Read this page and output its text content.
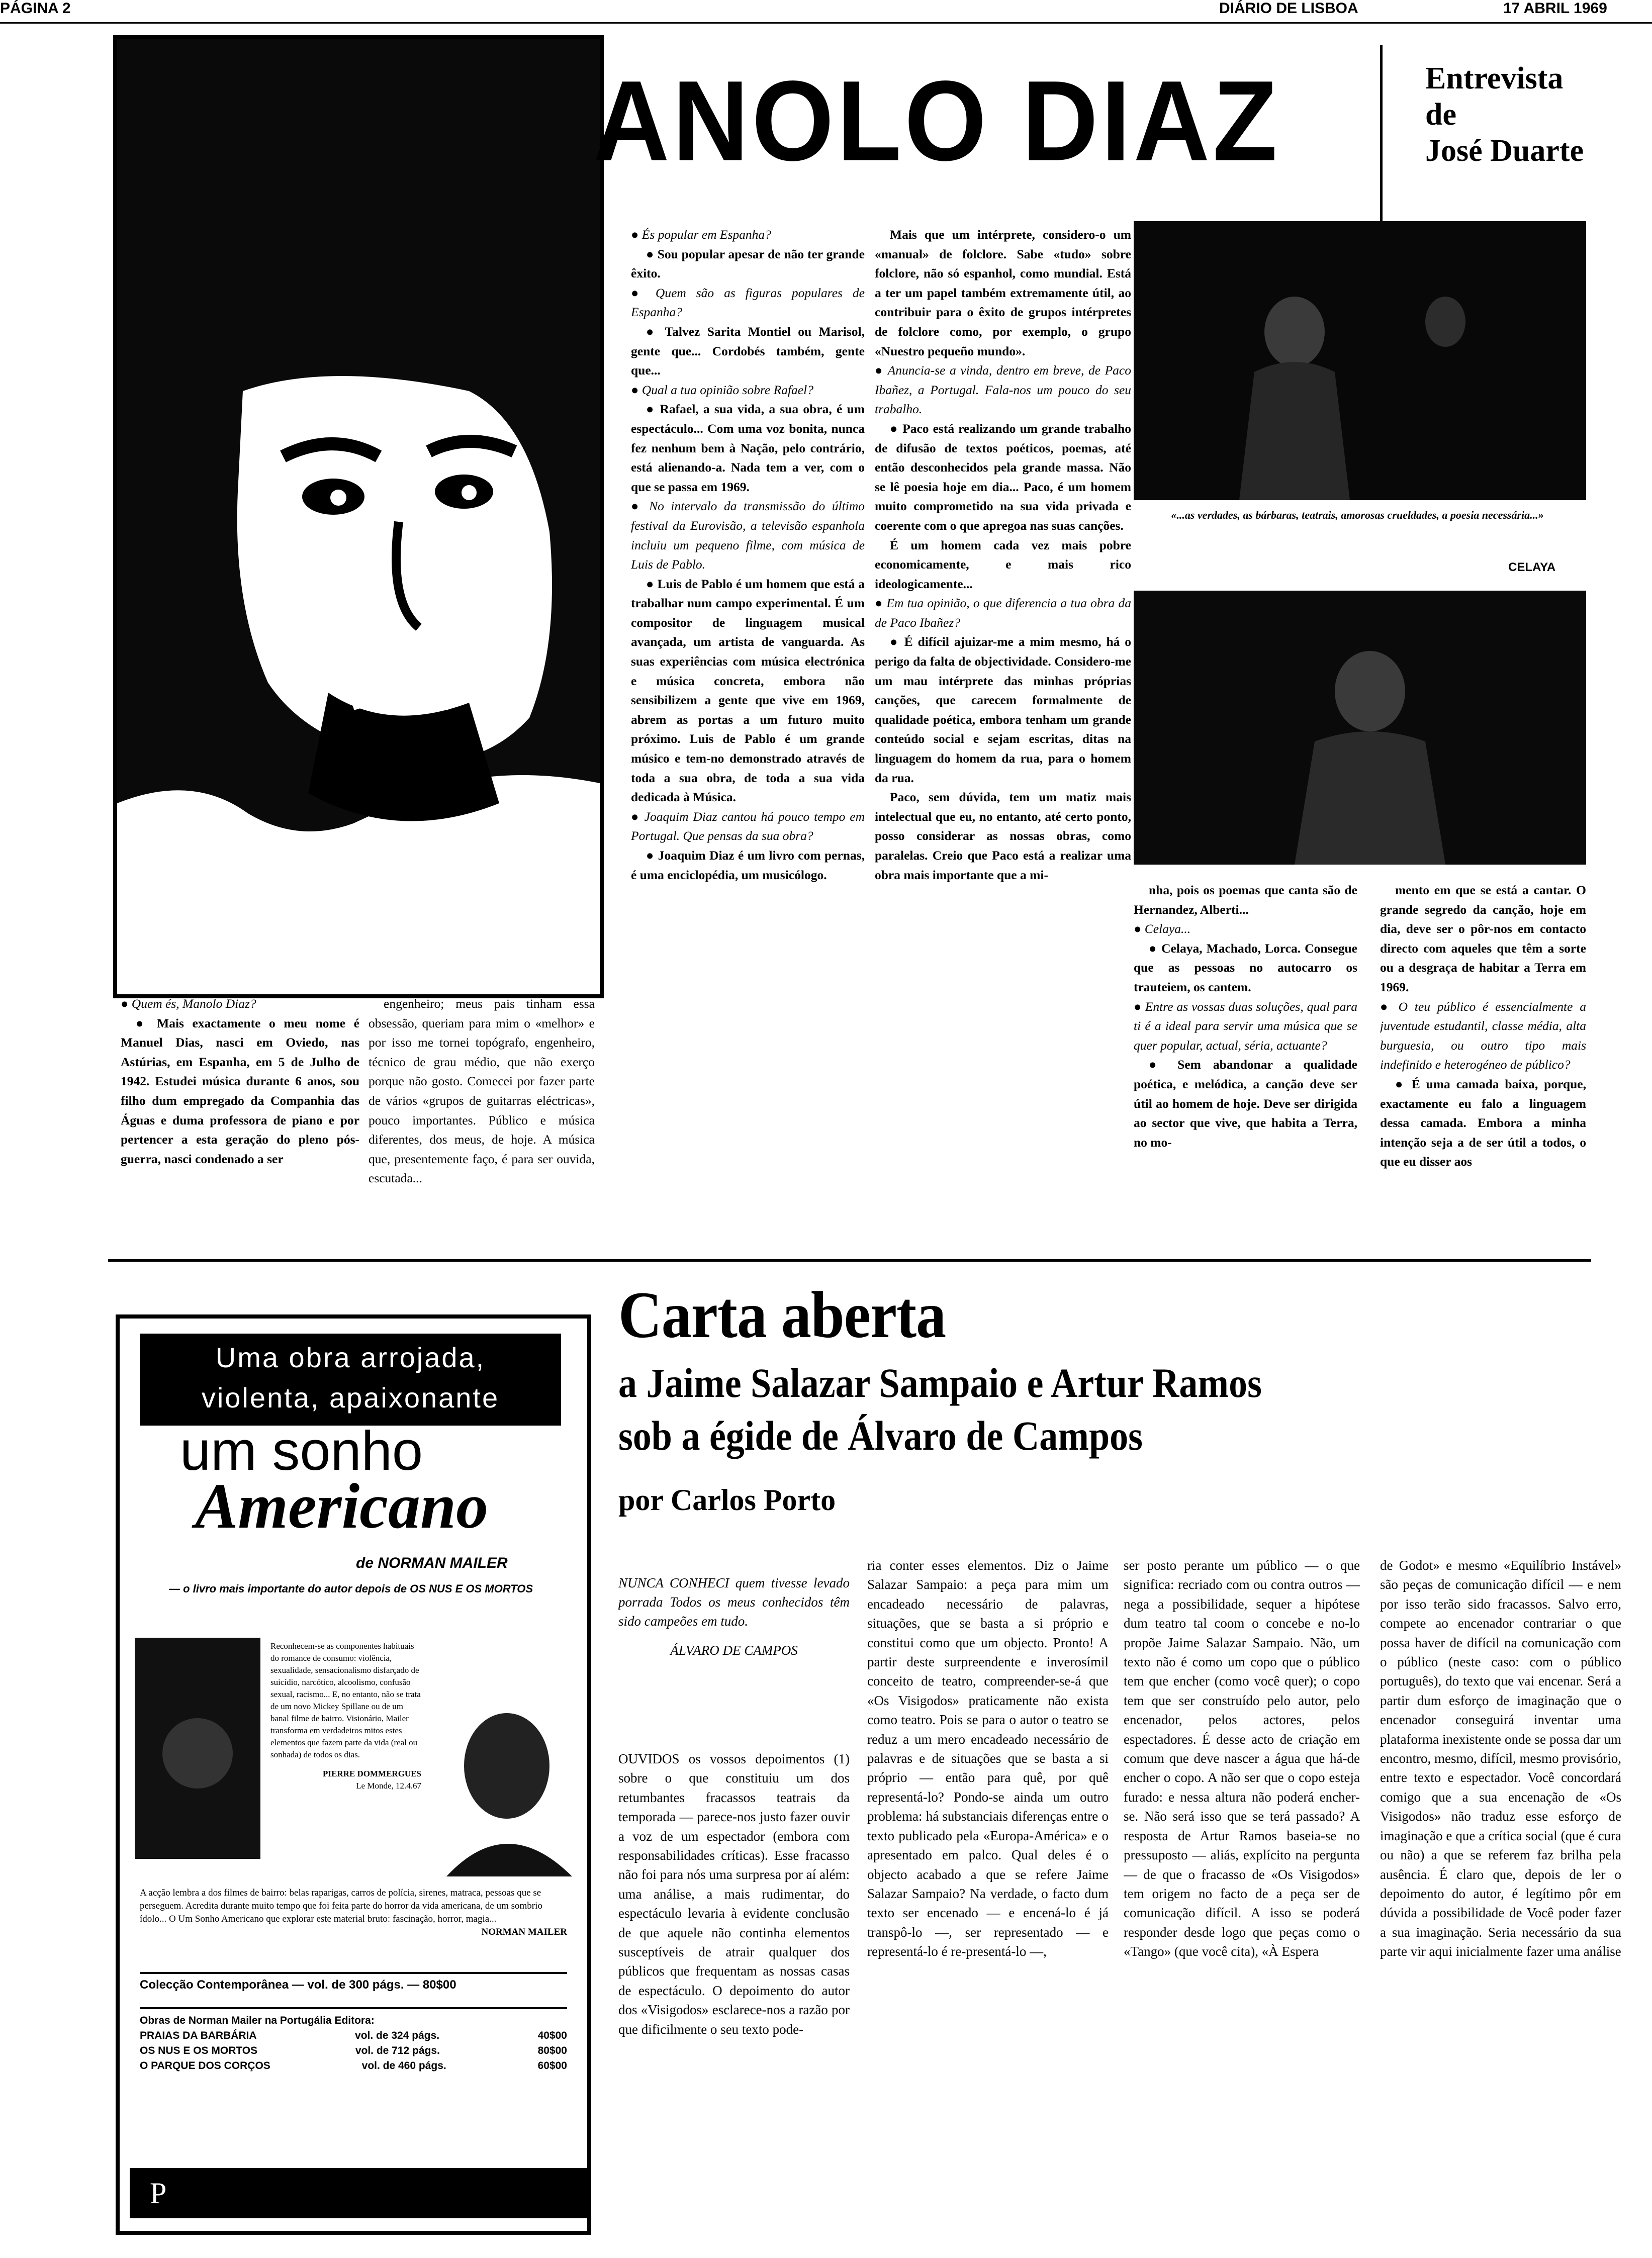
PÁGINA 2	DIÁRIO DE LISBOA	17 ABRIL 1969
ANOLO DIAZ	Entrevista
de
José Duarte

● Quem és, Manolo Diaz?

● Mais exactamente o meu nome é Manuel Dias, nasci em Oviedo, nas Astúrias, em Espanha, em 5 de Julho de 1942. Estudei música durante 6 anos, sou filho dum empregado da Companhia das Águas e duma professora de piano e por pertencer a esta geração do pleno pós-guerra, nasci condenado a ser

engenheiro; meus pais tinham essa obsessão, queriam para mim o «melhor» e por isso me tornei topógrafo, engenheiro, técnico de grau médio, que não exerço porque não gosto. Comecei por fazer parte de vários «grupos de guitarras eléctricas», pouco importantes. Público e música diferentes, dos meus, de hoje. A música que, presentemente faço, é para ser ouvida, escutada...

● És popular em Espanha?

● Sou popular apesar de não ter grande êxito.

● Quem são as figuras populares de Espanha?

● Talvez Sarita Montiel ou Marisol, gente que... Cordobés também, gente que...

● Qual a tua opinião sobre Rafael?

● Rafael, a sua vida, a sua obra, é um espectáculo... Com uma voz bonita, nunca fez nenhum bem à Nação, pelo contrário, está alienando-a. Nada tem a ver, com o que se passa em 1969.

● No intervalo da transmissão do último festival da Eurovisão, a televisão espanhola incluiu um pequeno filme, com música de Luis de Pablo.

● Luis de Pablo é um homem que está a trabalhar num campo experimental. É um compositor de linguagem musical avançada, um artista de vanguarda. As suas experiências com música electrónica e música concreta, embora não sensibilizem a gente que vive em 1969, abrem as portas a um futuro muito próximo. Luis de Pablo é um grande músico e tem-no demonstrado através de toda a sua obra, de toda a sua vida dedicada à Música.

● Joaquim Diaz cantou há pouco tempo em Portugal. Que pensas da sua obra?

● Joaquim Diaz é um livro com pernas, é uma enciclopédia, um musicólogo.

Mais que um intérprete, considero-o um «manual» de folclore. Sabe «tudo» sobre folclore, não só espanhol, como mundial. Está a ter um papel também extremamente útil, ao contribuir para o êxito de grupos intérpretes de folclore como, por exemplo, o grupo «Nuestro pequeño mundo».

● Anuncia-se a vinda, dentro em breve, de Paco Ibañez, a Portugal. Fala-nos um pouco do seu trabalho.

● Paco está realizando um grande trabalho de difusão de textos poéticos, poemas, até então desconhecidos pela grande massa. Não se lê poesia hoje em dia... Paco, é um homem muito comprometido na sua vida privada e coerente com o que apregoa nas suas canções.

É um homem cada vez mais pobre economicamente, e mais rico ideologicamente...

● Em tua opinião, o que diferencia a tua obra da de Paco Ibañez?

● É difícil ajuizar-me a mim mesmo, há o perigo da falta de objectividade. Considero-me um mau intérprete das minhas próprias canções, que carecem formalmente de qualidade poética, embora tenham um grande conteúdo social e sejam escritas, ditas na linguagem do homem da rua, para o homem da rua.

Paco, sem dúvida, tem um matiz mais intelectual que eu, no entanto, até certo ponto, posso considerar as nossas obras, como paralelas. Creio que Paco está a realizar uma obra mais importante que a mi-

«...as verdades, as bárbaras, teatrais, amorosas crueldades, a poesia necessária...»
CELAYA

nha, pois os poemas que canta são de Hernandez, Alberti...

● Celaya...

● Celaya, Machado, Lorca. Consegue que as pessoas no autocarro os trauteiem, os cantem.

● Entre as vossas duas soluções, qual para ti é a ideal para servir uma música que se quer popular, actual, séria, actuante?

● Sem abandonar a qualidade poética, e melódica, a canção deve ser útil ao homem de hoje. Deve ser dirigida ao sector que vive, que habita a Terra, no mo-

mento em que se está a cantar. O grande segredo da canção, hoje em dia, deve ser o pôr-nos em contacto directo com aqueles que têm a sorte ou a desgraça de habitar a Terra em 1969.

● O teu público é essencialmente a juventude estudantil, classe média, alta burguesia, ou outro tipo mais indefinido e heterogéneo de público?

● É uma camada baixa, porque, exactamente eu falo a linguagem dessa camada. Embora a minha intenção seja a de ser útil a todos, o que eu disser aos

Uma obra arrojada,
violenta, apaixonante
um sonho
Americano
de NORMAN MAILER
— o livro mais importante do autor depois de OS NUS E OS MORTOS
Reconhecem-se as componentes habituais do romance de consumo: violência, sexualidade, sensacionalismo disfarçado de suicídio, narcótico, alcoolismo, confusão sexual, racismo... E, no entanto, não se trata de um novo Mickey Spillane ou de um banal filme de bairro. Visionário, Mailer transforma em verdadeiros mitos estes elementos que fazem parte da vida (real ou sonhada) de todos os dias.
PIERRE DOMMERGUES
Le Monde, 12.4.67
A acção lembra a dos filmes de bairro: belas raparigas, carros de polícia, sirenes, matraca, pessoas que se perseguem. Acredita durante muito tempo que foi feita parte do horror da vida americana, de um sombrio ídolo... O Um Sonho Americano que explorar este material bruto: fascinação, horror, magia...
NORMAN MAILER
Colecção Contemporânea — vol. de 300 págs. — 80$00
Obras de Norman Mailer na Portugália Editora:
PRAIAS DA BARBÁRIA	vol. de 324 págs.	40$00
OS NUS E OS MORTOS	vol. de 712 págs.	80$00
O PARQUE DOS CORÇOS	vol. de 460 págs.	60$00
P
Carta aberta
a Jaime Salazar Sampaio e Artur Ramos
sob a égide de Álvaro de Campos
por Carlos Porto

NUNCA CONHECI quem tivesse levado porrada Todos os meus conhecidos têm sido campeões em tudo.

ÁLVARO DE CAMPOS

OUVIDOS os vossos depoimentos (1) sobre o que constituiu um dos retumbantes fracassos teatrais da temporada — parece-nos justo fazer ouvir a voz de um espectador (embora com responsabilidades críticas). Esse fracasso não foi para nós uma surpresa por aí além: uma análise, a mais rudimentar, do espectáculo levaria à evidente conclusão de que aquele não continha elementos susceptíveis de atrair qualquer dos públicos que frequentam as nossas casas de espectáculo. O depoimento do autor dos «Visigodos» esclarece-nos a razão por que dificilmente o seu texto pode-

ria conter esses elementos. Diz o Jaime Salazar Sampaio: a peça para mim um encadeado necessário de palavras, situações, que se basta a si próprio e constitui como que um objecto. Pronto! A partir deste surpreendente e inverosímil conceito de teatro, compreender-se-á que «Os Visigodos» praticamente não exista como teatro. Pois se para o autor o teatro se reduz a um mero encadeado necessário de palavras e de situações que se basta a si próprio — então para quê, por quê representá-lo? Pondo-se ainda um outro problema: há substanciais diferenças entre o texto publicado pela «Europa-América» e o apresentado em palco. Qual deles é o objecto acabado a que se refere Jaime Salazar Sampaio? Na verdade, o facto dum texto ser encenado — e encená-lo é já transpô-lo —, ser representado — e representá-lo é re-presentá-lo —,

ser posto perante um público — o que significa: recriado com ou contra outros — nega a possibilidade, sequer a hipótese dum teatro tal coom o concebe e no-lo propõe Jaime Salazar Sampaio. Não, um texto não é como um copo que o público tem que encher (como você quer); o copo tem que ser construído pelo autor, pelo encenador, pelos actores, pelos espectadores. É desse acto de criação em comum que deve nascer a água que há-de encher o copo. A não ser que o copo esteja furado: e nessa altura não poderá encher-se. Não será isso que se terá passado? A resposta de Artur Ramos baseia-se no pressuposto — aliás, explícito na pergunta — de que o fracasso de «Os Visigodos» tem origem no facto de a peça ser de comunicação difícil. A isso se poderá responder desde logo que peças como o «Tango» (que você cita), «À Espera

de Godot» e mesmo «Equilíbrio Instável» são peças de comunicação difícil — e nem por isso terão sido fracassos. Salvo erro, compete ao encenador contrariar o que possa haver de difícil na comunicação com o público (neste caso: com o público português), do texto que vai encenar. Será a partir dum esforço de imaginação que o encenador conseguirá inventar uma plataforma inexistente onde se possa dar um encontro, mesmo, difícil, mesmo provisório, entre texto e espectador. Você concordará comigo que a sua encenação de «Os Visigodos» não traduz esse esforço de imaginação e que a crítica social (que é cura ou não) a que se referem faz brilha pela ausência. É claro que, depois de ler o depoimento do autor, é legítimo pôr em dúvida a possibilidade de Você poder fazer a sua imaginação. Seria necessário da sua parte vir aqui inicialmente fazer uma análise
